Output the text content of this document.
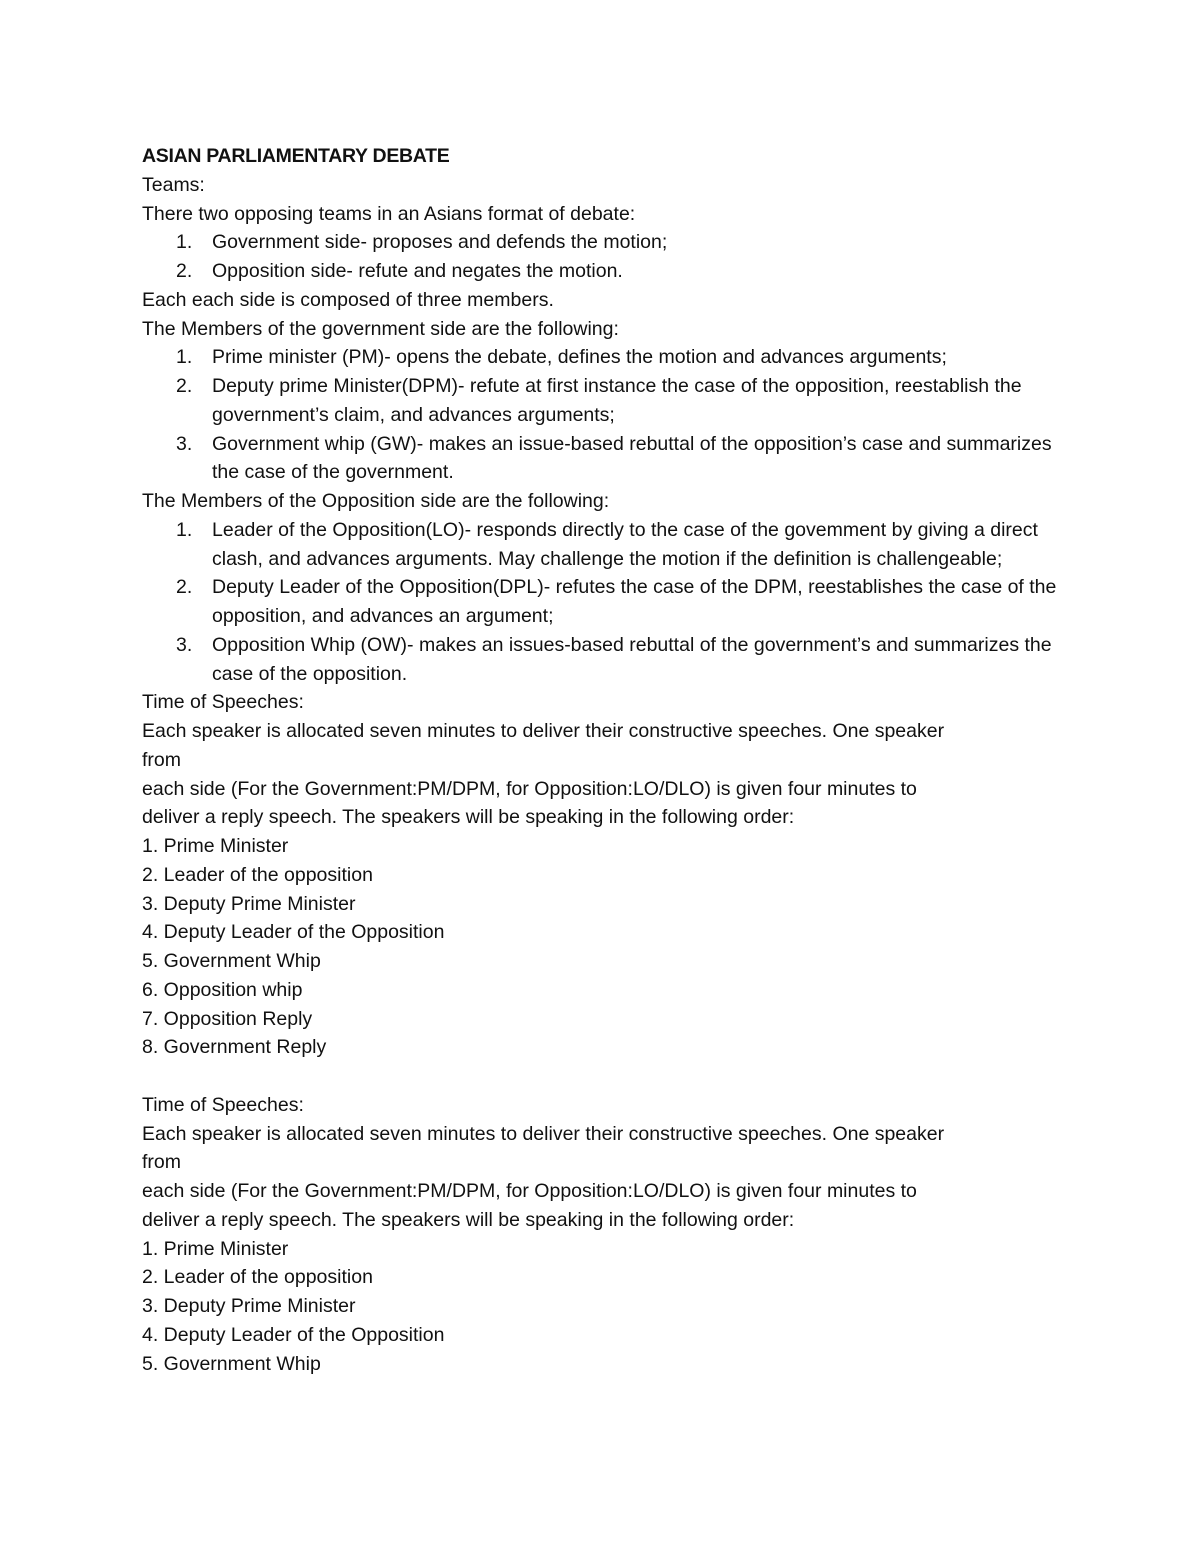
ASIAN PARLIAMENTARY DEBATE
Teams:
There two opposing teams in an Asians format of debate:
1. Government side- proposes and defends the motion;
2. Opposition side- refute and negates the motion.
Each each side is composed of three members.
The Members of the government side are the following:
1. Prime minister (PM)- opens the debate, defines the motion and advances arguments;
2. Deputy prime Minister(DPM)- refute at first instance the case of the opposition, reestablish the government’s claim, and advances arguments;
3. Government whip (GW)- makes an issue-based rebuttal of the opposition’s case and summarizes the case of the government.
The Members of the Opposition side are the following:
1. Leader of the Opposition(LO)- responds directly to the case of the govemment by giving a direct clash, and advances arguments. May challenge the motion if the definition is challengeable;
2. Deputy Leader of the Opposition(DPL)- refutes the case of the DPM, reestablishes the case of the opposition, and advances an argument;
3. Opposition Whip (OW)- makes an issues-based rebuttal of the government’s and summarizes the case of the opposition.
Time of Speeches:
Each speaker is allocated seven minutes to deliver their constructive speeches. One speaker
from
each side (For the Government:PM/DPM, for Opposition:LO/DLO) is given four minutes to
deliver a reply speech. The speakers will be speaking in the following order:
1. Prime Minister
2. Leader of the opposition
3. Deputy Prime Minister
4. Deputy Leader of the Opposition
5. Government Whip
6. Opposition whip
7. Opposition Reply
8. Government Reply
Time of Speeches:
Each speaker is allocated seven minutes to deliver their constructive speeches. One speaker
from
each side (For the Government:PM/DPM, for Opposition:LO/DLO) is given four minutes to
deliver a reply speech. The speakers will be speaking in the following order:
1. Prime Minister
2. Leader of the opposition
3. Deputy Prime Minister
4. Deputy Leader of the Opposition
5. Government Whip
